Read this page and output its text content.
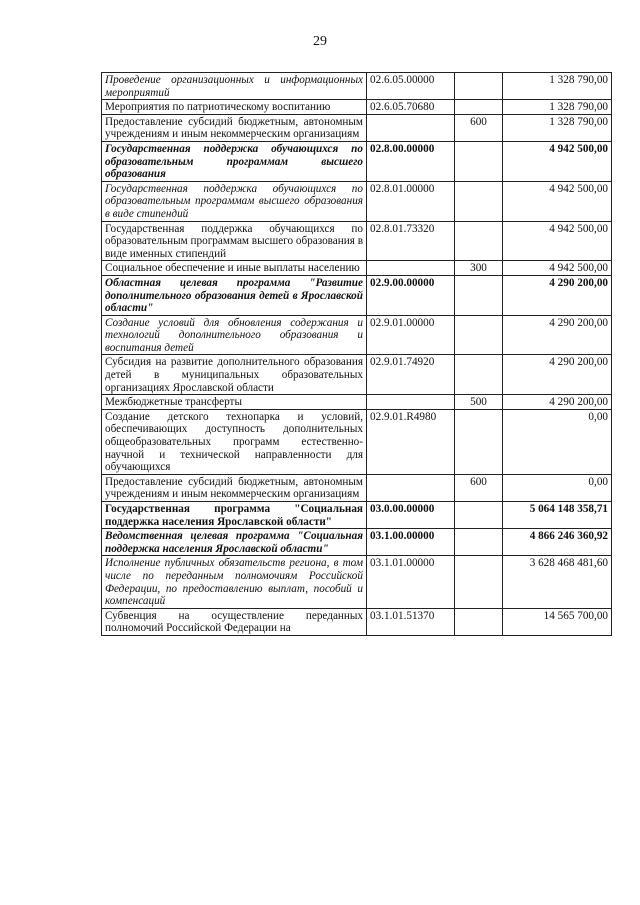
29
Проведение организационных и информационных мероприятий	02.6.05.00000		1 328 790,00
Мероприятия по патриотическому воспитанию	02.6.05.70680		1 328 790,00
Предоставление субсидий бюджетным, автономным учреждениям и иным некоммерческим организациям		600	1 328 790,00
Государственная поддержка обучающихся по образовательным программам высшего образования	02.8.00.00000		4 942 500,00
Государственная поддержка обучающихся по образовательным программам высшего образования в виде стипендий	02.8.01.00000		4 942 500,00
Государственная поддержка обучающихся по образовательным программам высшего образования в виде именных стипендий	02.8.01.73320		4 942 500,00
Социальное обеспечение и иные выплаты населению		300	4 942 500,00
Областная целевая программа "Развитие дополнительного образования детей в Ярославской области"	02.9.00.00000		4 290 200,00
Создание условий для обновления содержания и технологий дополнительного образования и воспитания детей	02.9.01.00000		4 290 200,00
Субсидия на развитие дополнительного образования детей в муниципальных образовательных организациях Ярославской области	02.9.01.74920		4 290 200,00
Межбюджетные трансферты		500	4 290 200,00
Создание детского технопарка и условий, обеспечивающих доступность дополнительных общеобразовательных программ естественно-научной и технической направленности для обучающихся	02.9.01.R4980		0,00
Предоставление субсидий бюджетным, автономным учреждениям и иным некоммерческим организациям		600	0,00
Государственная программа "Социальная поддержка населения Ярославской области"	03.0.00.00000		5 064 148 358,71
Ведомственная целевая программа "Социальная поддержка населения Ярославской области"	03.1.00.00000		4 866 246 360,92
Исполнение публичных обязательств региона, в том числе по переданным полномочиям Российской Федерации, по предоставлению выплат, пособий и компенсаций	03.1.01.00000		3 628 468 481,60
Субвенция на осуществление переданных полномочий Российской Федерации на	03.1.01.51370		14 565 700,00
